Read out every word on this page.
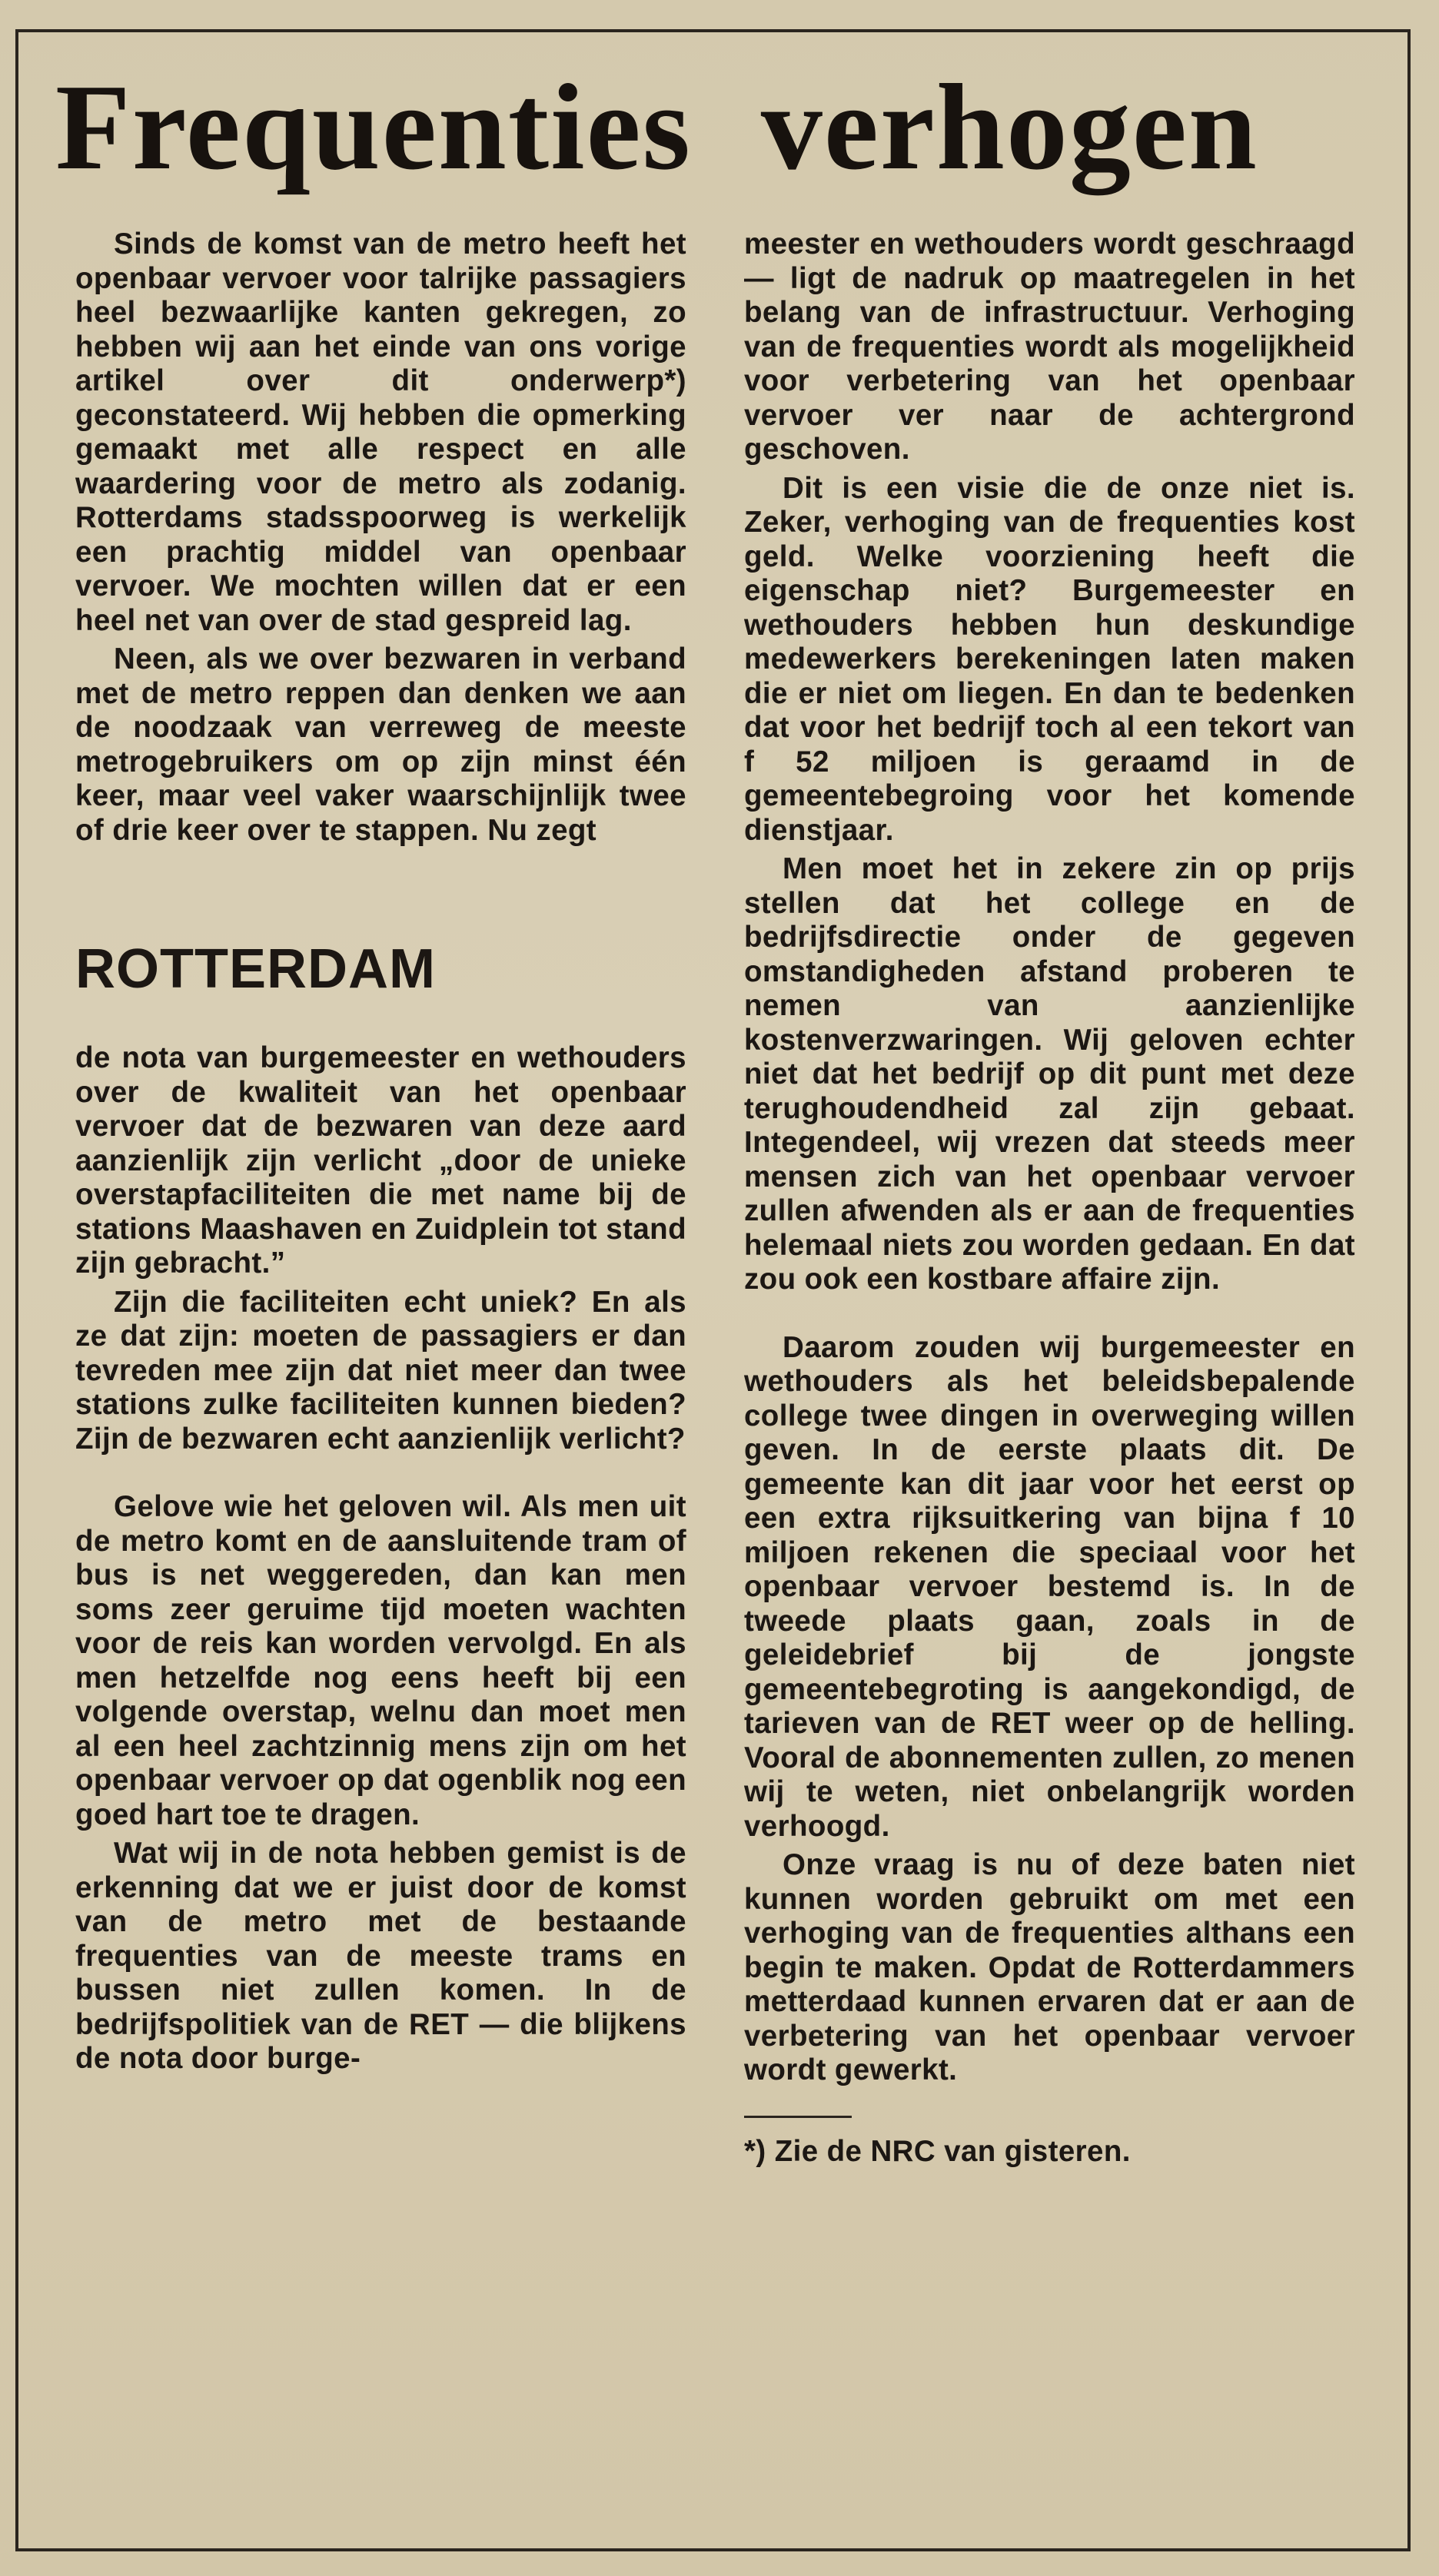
Frequenties verhogen

Sinds de komst van de metro heeft het openbaar vervoer voor talrijke passagiers heel bezwaarlijke kanten gekregen, zo hebben wij aan het einde van ons vorige artikel over dit onderwerp*) geconstateerd. Wij hebben die opmerking gemaakt met alle respect en alle waardering voor de metro als zodanig. Rotterdams stadsspoorweg is werkelijk een prachtig middel van openbaar vervoer. We mochten willen dat er een heel net van over de stad gespreid lag.

Neen, als we over bezwaren in verband met de metro reppen dan denken we aan de noodzaak van verreweg de meeste metrogebruikers om op zijn minst één keer, maar veel vaker waarschijnlijk twee of drie keer over te stappen. Nu zegt

ROTTERDAM

de nota van burgemeester en wethouders over de kwaliteit van het openbaar vervoer dat de bezwaren van deze aard aanzienlijk zijn verlicht „door de unieke overstapfaciliteiten die met name bij de stations Maashaven en Zuidplein tot stand zijn gebracht.”

Zijn die faciliteiten echt uniek? En als ze dat zijn: moeten de passagiers er dan tevreden mee zijn dat niet meer dan twee stations zulke faciliteiten kunnen bieden? Zijn de bezwaren echt aanzienlijk verlicht?

Gelove wie het geloven wil. Als men uit de metro komt en de aansluitende tram of bus is net weggereden, dan kan men soms zeer geruime tijd moeten wachten voor de reis kan worden vervolgd. En als men hetzelfde nog eens heeft bij een volgende overstap, welnu dan moet men al een heel zachtzinnig mens zijn om het openbaar vervoer op dat ogenblik nog een goed hart toe te dragen.

Wat wij in de nota hebben gemist is de erkenning dat we er juist door de komst van de metro met de bestaande frequenties van de meeste trams en bussen niet zullen komen. In de bedrijfspolitiek van de RET — die blijkens de nota door burge-

meester en wethouders wordt geschraagd — ligt de nadruk op maatregelen in het belang van de infrastructuur. Verhoging van de frequenties wordt als mogelijkheid voor verbetering van het openbaar vervoer ver naar de achtergrond geschoven.

Dit is een visie die de onze niet is. Zeker, verhoging van de frequenties kost geld. Welke voorziening heeft die eigenschap niet? Burgemeester en wethouders hebben hun deskundige medewerkers berekeningen laten maken die er niet om liegen. En dan te bedenken dat voor het bedrijf toch al een tekort van f 52 miljoen is geraamd in de gemeentebegroing voor het komende dienstjaar.

Men moet het in zekere zin op prijs stellen dat het college en de bedrijfsdirectie onder de gegeven omstandigheden afstand proberen te nemen van aanzienlijke kostenverzwaringen. Wij geloven echter niet dat het bedrijf op dit punt met deze terughoudendheid zal zijn gebaat. Integendeel, wij vrezen dat steeds meer mensen zich van het openbaar vervoer zullen afwenden als er aan de frequenties helemaal niets zou worden gedaan. En dat zou ook een kostbare affaire zijn.

Daarom zouden wij burgemeester en wethouders als het beleidsbepalende college twee dingen in overweging willen geven. In de eerste plaats dit. De gemeente kan dit jaar voor het eerst op een extra rijksuitkering van bijna f 10 miljoen rekenen die speciaal voor het openbaar vervoer bestemd is. In de tweede plaats gaan, zoals in de geleidebrief bij de jongste gemeentebegroting is aangekondigd, de tarieven van de RET weer op de helling. Vooral de abonnementen zullen, zo menen wij te weten, niet onbelangrijk worden verhoogd.

Onze vraag is nu of deze baten niet kunnen worden gebruikt om met een verhoging van de frequenties althans een begin te maken. Opdat de Rotterdammers metterdaad kunnen ervaren dat er aan de verbetering van het openbaar vervoer wordt gewerkt.

*) Zie de NRC van gisteren.
